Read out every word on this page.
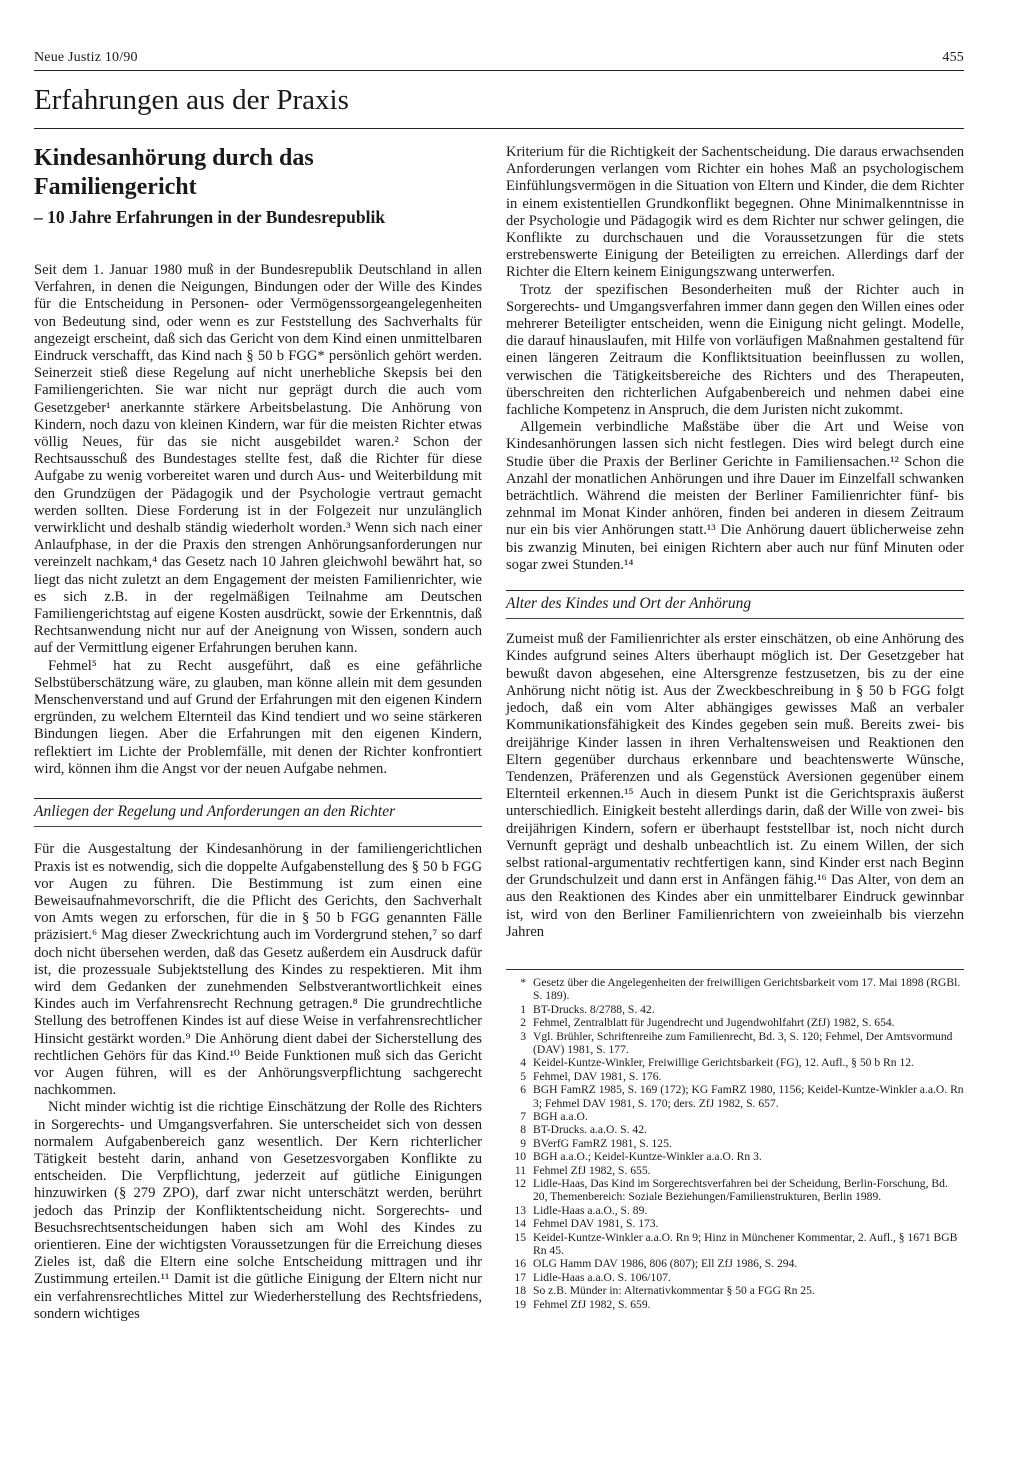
Neue Justiz 10/90	455
Erfahrungen aus der Praxis
Kindesanhörung durch das
Familiengericht
– 10 Jahre Erfahrungen in der Bundesrepublik

Seit dem 1. Januar 1980 muß in der Bundesrepublik Deutschland in allen Verfahren, in denen die Neigungen, Bindungen oder der Wille des Kindes für die Entscheidung in Personen- oder Vermögenssorgeangelegenheiten von Bedeutung sind, oder wenn es zur Feststellung des Sachverhalts für angezeigt erscheint, daß sich das Gericht von dem Kind einen unmittelbaren Eindruck verschafft, das Kind nach § 50 b FGG* persönlich gehört werden. Seinerzeit stieß diese Regelung auf nicht unerhebliche Skepsis bei den Familiengerichten. Sie war nicht nur geprägt durch die auch vom Gesetzgeber¹ anerkannte stärkere Arbeitsbelastung. Die Anhörung von Kindern, noch dazu von kleinen Kindern, war für die meisten Richter etwas völlig Neues, für das sie nicht ausgebildet waren.² Schon der Rechtsausschuß des Bundestages stellte fest, daß die Richter für diese Aufgabe zu wenig vorbereitet waren und durch Aus- und Weiterbildung mit den Grundzügen der Pädagogik und der Psychologie vertraut gemacht werden sollten. Diese Forderung ist in der Folgezeit nur unzulänglich verwirklicht und deshalb ständig wiederholt worden.³ Wenn sich nach einer Anlaufphase, in der die Praxis den strengen Anhörungsanforderungen nur vereinzelt nachkam,⁴ das Gesetz nach 10 Jahren gleichwohl bewährt hat, so liegt das nicht zuletzt an dem Engagement der meisten Familienrichter, wie es sich z.B. in der regelmäßigen Teilnahme am Deutschen Familiengerichtstag auf eigene Kosten ausdrückt, sowie der Erkenntnis, daß Rechtsanwendung nicht nur auf der Aneignung von Wissen, sondern auch auf der Vermittlung eigener Erfahrungen beruhen kann.

Fehmel⁵ hat zu Recht ausgeführt, daß es eine gefährliche Selbstüberschätzung wäre, zu glauben, man könne allein mit dem gesunden Menschenverstand und auf Grund der Erfahrungen mit den eigenen Kindern ergründen, zu welchem Elternteil das Kind tendiert und wo seine stärkeren Bindungen liegen. Aber die Erfahrungen mit den eigenen Kindern, reflektiert im Lichte der Problemfälle, mit denen der Richter konfrontiert wird, können ihm die Angst vor der neuen Aufgabe nehmen.

Anliegen der Regelung und Anforderungen an den Richter

Für die Ausgestaltung der Kindesanhörung in der familiengerichtlichen Praxis ist es notwendig, sich die doppelte Aufgabenstellung des § 50 b FGG vor Augen zu führen. Die Bestimmung ist zum einen eine Beweisaufnahmevorschrift, die die Pflicht des Gerichts, den Sachverhalt von Amts wegen zu erforschen, für die in § 50 b FGG genannten Fälle präzisiert.⁶ Mag dieser Zweckrichtung auch im Vordergrund stehen,⁷ so darf doch nicht übersehen werden, daß das Gesetz außerdem ein Ausdruck dafür ist, die prozessuale Subjektstellung des Kindes zu respektieren. Mit ihm wird dem Gedanken der zunehmenden Selbstverantwortlichkeit eines Kindes auch im Verfahrensrecht Rechnung getragen.⁸ Die grundrechtliche Stellung des betroffenen Kindes ist auf diese Weise in verfahrensrechtlicher Hinsicht gestärkt worden.⁹ Die Anhörung dient dabei der Sicherstellung des rechtlichen Gehörs für das Kind.¹⁰ Beide Funktionen muß sich das Gericht vor Augen führen, will es der Anhörungsverpflichtung sachgerecht nachkommen.

Nicht minder wichtig ist die richtige Einschätzung der Rolle des Richters in Sorgerechts- und Umgangsverfahren. Sie unterscheidet sich von dessen normalem Aufgabenbereich ganz wesentlich. Der Kern richterlicher Tätigkeit besteht darin, anhand von Gesetzesvorgaben Konflikte zu entscheiden. Die Verpflichtung, jederzeit auf gütliche Einigungen hinzuwirken (§ 279 ZPO), darf zwar nicht unterschätzt werden, berührt jedoch das Prinzip der Konfliktentscheidung nicht. Sorgerechts- und Besuchsrechtsentscheidungen haben sich am Wohl des Kindes zu orientieren. Eine der wichtigsten Voraussetzungen für die Erreichung dieses Zieles ist, daß die Eltern eine solche Entscheidung mittragen und ihr Zustimmung erteilen.¹¹ Damit ist die gütliche Einigung der Eltern nicht nur ein verfahrensrechtliches Mittel zur Wiederherstellung des Rechtsfriedens, sondern wichtiges

Kriterium für die Richtigkeit der Sachentscheidung. Die daraus erwachsenden Anforderungen verlangen vom Richter ein hohes Maß an psychologischem Einfühlungsvermögen in die Situation von Eltern und Kinder, die dem Richter in einem existentiellen Grundkonflikt begegnen. Ohne Minimalkenntnisse in der Psychologie und Pädagogik wird es dem Richter nur schwer gelingen, die Konflikte zu durchschauen und die Voraussetzungen für die stets erstrebenswerte Einigung der Beteiligten zu erreichen. Allerdings darf der Richter die Eltern keinem Einigungszwang unterwerfen.

Trotz der spezifischen Besonderheiten muß der Richter auch in Sorgerechts- und Umgangsverfahren immer dann gegen den Willen eines oder mehrerer Beteiligter entscheiden, wenn die Einigung nicht gelingt. Modelle, die darauf hinauslaufen, mit Hilfe von vorläufigen Maßnahmen gestaltend für einen längeren Zeitraum die Konfliktsituation beeinflussen zu wollen, verwischen die Tätigkeitsbereiche des Richters und des Therapeuten, überschreiten den richterlichen Aufgabenbereich und nehmen dabei eine fachliche Kompetenz in Anspruch, die dem Juristen nicht zukommt.

Allgemein verbindliche Maßstäbe über die Art und Weise von Kindesanhörungen lassen sich nicht festlegen. Dies wird belegt durch eine Studie über die Praxis der Berliner Gerichte in Familiensachen.¹² Schon die Anzahl der monatlichen Anhörungen und ihre Dauer im Einzelfall schwanken beträchtlich. Während die meisten der Berliner Familienrichter fünf- bis zehnmal im Monat Kinder anhören, finden bei anderen in diesem Zeitraum nur ein bis vier Anhörungen statt.¹³ Die Anhörung dauert üblicherweise zehn bis zwanzig Minuten, bei einigen Richtern aber auch nur fünf Minuten oder sogar zwei Stunden.¹⁴

Alter des Kindes und Ort der Anhörung

Zumeist muß der Familienrichter als erster einschätzen, ob eine Anhörung des Kindes aufgrund seines Alters überhaupt möglich ist. Der Gesetzgeber hat bewußt davon abgesehen, eine Altersgrenze festzusetzen, bis zu der eine Anhörung nicht nötig ist. Aus der Zweckbeschreibung in § 50 b FGG folgt jedoch, daß ein vom Alter abhängiges gewisses Maß an verbaler Kommunikationsfähigkeit des Kindes gegeben sein muß. Bereits zwei- bis dreijährige Kinder lassen in ihren Verhaltensweisen und Reaktionen den Eltern gegenüber durchaus erkennbare und beachtenswerte Wünsche, Tendenzen, Präferenzen und als Gegenstück Aversionen gegenüber einem Elternteil erkennen.¹⁵ Auch in diesem Punkt ist die Gerichtspraxis äußerst unterschiedlich. Einigkeit besteht allerdings darin, daß der Wille von zwei- bis dreijährigen Kindern, sofern er überhaupt feststellbar ist, noch nicht durch Vernunft geprägt und deshalb unbeachtlich ist. Zu einem Willen, der sich selbst rational-argumentativ rechtfertigen kann, sind Kinder erst nach Beginn der Grundschulzeit und dann erst in Anfängen fähig.¹⁶ Das Alter, von dem an aus den Reaktionen des Kindes aber ein unmittelbarer Eindruck gewinnbar ist, wird von den Berliner Familienrichtern von zweieinhalb bis vierzehn Jahren

* Gesetz über die Angelegenheiten der freiwilligen Gerichtsbarkeit vom 17. Mai 1898 (RGBl. S. 189).
1 BT-Drucks. 8/2788, S. 42.
2 Fehmel, Zentralblatt für Jugendrecht und Jugendwohlfahrt (ZfJ) 1982, S. 654.
3 Vgl. Brühler, Schriftenreihe zum Familienrecht, Bd. 3, S. 120; Fehmel, Der Amtsvormund (DAV) 1981, S. 177.
4 Keidel-Kuntze-Winkler, Freiwillige Gerichtsbarkeit (FG), 12. Aufl., § 50 b Rn 12.
5 Fehmel, DAV 1981, S. 176.
6 BGH FamRZ 1985, S. 169 (172); KG FamRZ 1980, 1156; Keidel-Kuntze-Winkler a.a.O. Rn 3; Fehmel DAV 1981, S. 170; ders. ZfJ 1982, S. 657.
7 BGH a.a.O.
8 BT-Drucks. a.a.O. S. 42.
9 BVerfG FamRZ 1981, S. 125.
10 BGH a.a.O.; Keidel-Kuntze-Winkler a.a.O. Rn 3.
11 Fehmel ZfJ 1982, S. 655.
12 Lidle-Haas, Das Kind im Sorgerechtsverfahren bei der Scheidung, Berlin-Forschung, Bd. 20, Themenbereich: Soziale Beziehungen/Familienstrukturen, Berlin 1989.
13 Lidle-Haas a.a.O., S. 89.
14 Fehmel DAV 1981, S. 173.
15 Keidel-Kuntze-Winkler a.a.O. Rn 9; Hinz in Münchener Kommentar, 2. Aufl., § 1671 BGB Rn 45.
16 OLG Hamm DAV 1986, 806 (807); Ell ZfJ 1986, S. 294.
17 Lidle-Haas a.a.O. S. 106/107.
18 So z.B. Münder in: Alternativkommentar § 50 a FGG Rn 25.
19 Fehmel ZfJ 1982, S. 659.
